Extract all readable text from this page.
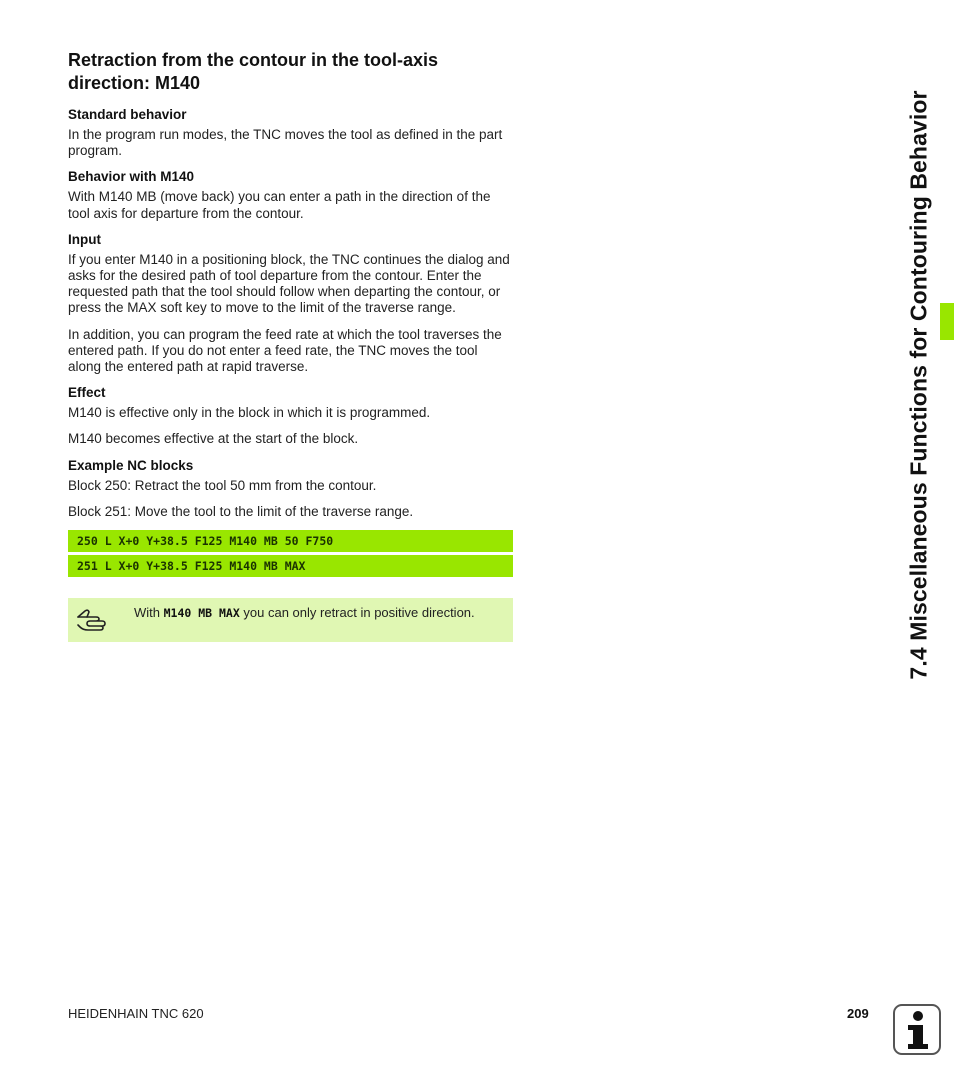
Retraction from the contour in the tool-axis direction: M140
Standard behavior

In the program run modes, the TNC moves the tool as defined in the part program.

Behavior with M140

With M140 MB (move back) you can enter a path in the direction of the tool axis for departure from the contour.

Input

If you enter M140 in a positioning block, the TNC continues the dialog and asks for the desired path of tool departure from the contour. Enter the requested path that the tool should follow when departing the contour, or press the MAX soft key to move to the limit of the traverse range.

In addition, you can program the feed rate at which the tool traverses the entered path. If you do not enter a feed rate, the TNC moves the tool along the entered path at rapid traverse.

Effect

M140 is effective only in the block in which it is programmed.

M140 becomes effective at the start of the block.

Example NC blocks

Block 250: Retract the tool 50 mm from the contour.

Block 251: Move the tool to the limit of the traverse range.

250 L X+0 Y+38.5 F125 M140 MB 50 F750
251 L X+0 Y+38.5 F125 M140 MB MAX
With M140 MB MAX you can only retract in positive direction.	7.4 Miscellaneous Functions for Contouring Behavior
HEIDENHAIN TNC 620	209
